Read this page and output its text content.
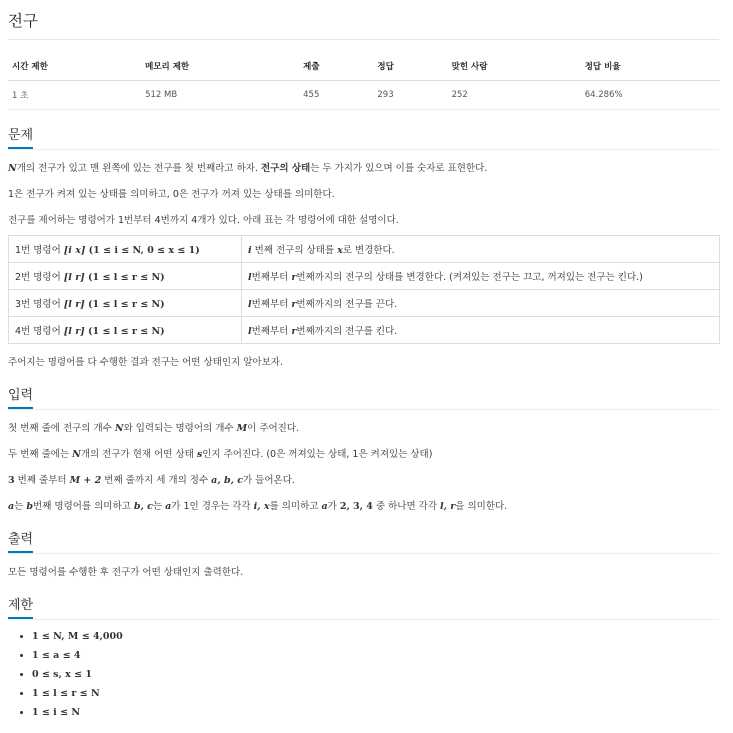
전구
시간 제한	메모리 제한	제출	정답	맞힌 사람	정답 비율
1 초	512 MB	455	293	252	64.286%
문제
N개의 전구가 있고 맨 왼쪽에 있는 전구를 첫 번째라고 하자. 전구의 상태는 두 가지가 있으며 이를 숫자로 표현한다.
1은 전구가 켜져 있는 상태를 의미하고, 0은 전구가 꺼져 있는 상태를 의미한다.
전구를 제어하는 명령어가 1번부터 4번까지 4개가 있다. 아래 표는 각 명령어에 대한 설명이다.
1번 명령어 [i x] (1 ≤ i ≤ N, 0 ≤ x ≤ 1)	i 번째 전구의 상태를 x로 변경한다.
2번 명령어 [l r] (1 ≤ l ≤ r ≤ N)	l번째부터 r번째까지의 전구의 상태를 변경한다. (켜져있는 전구는 끄고, 꺼져있는 전구는 킨다.)
3번 명령어 [l r] (1 ≤ l ≤ r ≤ N)	l번째부터 r번째까지의 전구를 끈다.
4번 명령어 [l r] (1 ≤ l ≤ r ≤ N)	l번째부터 r번째까지의 전구를 킨다.
주어지는 명령어를 다 수행한 결과 전구는 어떤 상태인지 알아보자.
입력
첫 번째 줄에 전구의 개수 N와 입력되는 명령어의 개수 M이 주어진다.
두 번째 줄에는 N개의 전구가 현재 어떤 상태 s인지 주어진다. (0은 꺼져있는 상태, 1은 켜져있는 상태)
3 번째 줄부터 M + 2 번째 줄까지 세 개의 정수 a, b, c가 들어온다.
a는 b번째 명령어를 의미하고 b, c는 a가 1인 경우는 각각 i, x를 의미하고 a가 2, 3, 4 중 하나면 각각 l, r을 의미한다.
출력
모든 명령어를 수행한 후 전구가 어떤 상태인지 출력한다.
제한
• 1 ≤ N, M ≤ 4,000
• 1 ≤ a ≤ 4
• 0 ≤ s, x ≤ 1
• 1 ≤ l ≤ r ≤ N
• 1 ≤ i ≤ N
